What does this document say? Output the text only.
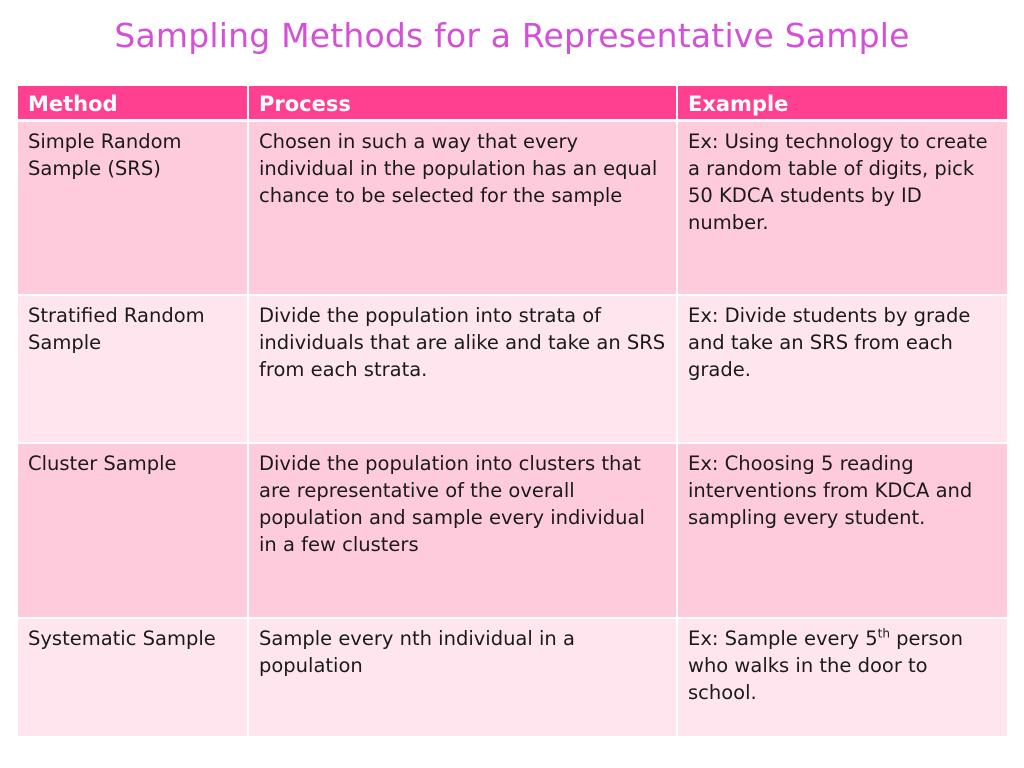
Sampling Methods for a Representative Sample
Method	Process	Example
Simple Random Sample (SRS)	Chosen in such a way that every individual in the population has an equal chance to be selected for the sample	Ex: Using technology to create a random table of digits, pick 50 KDCA students by ID number.
Stratified Random Sample	Divide the population into strata of individuals that are alike and take an SRS from each strata.	Ex: Divide students by grade and take an SRS from each grade.
Cluster Sample	Divide the population into clusters that are representative of the overall population and sample every individual in a few clusters	Ex: Choosing 5 reading interventions from KDCA and sampling every student.
Systematic Sample	Sample every nth individual in a population	Ex: Sample every 5th person who walks in the door to school.
